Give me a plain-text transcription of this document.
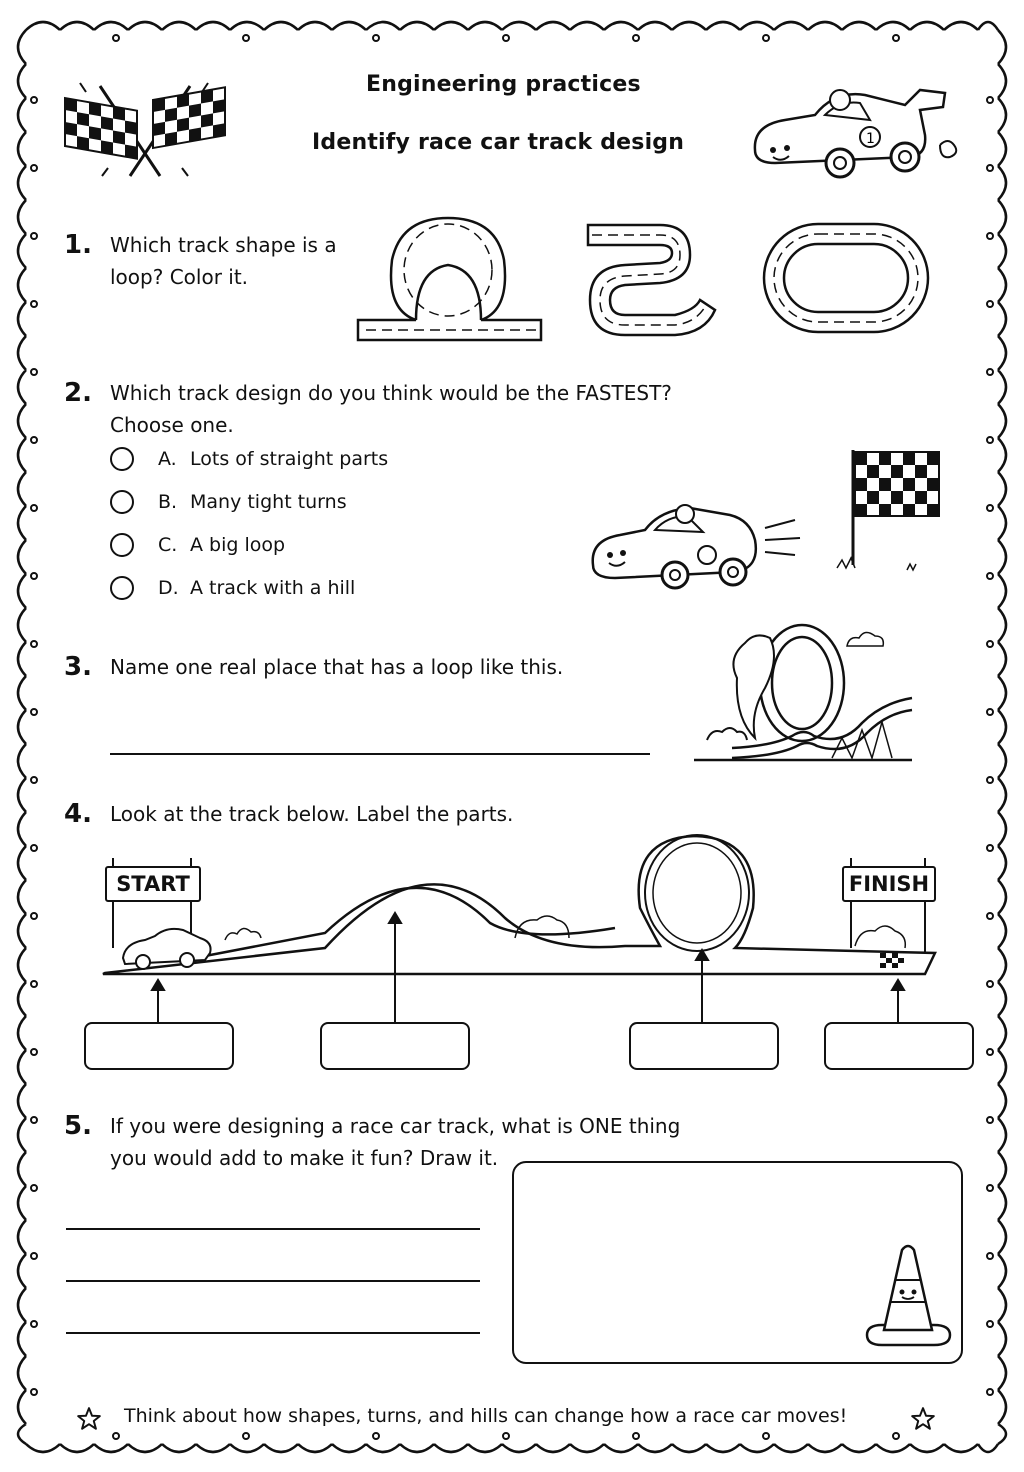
Engineering practices
Identify race car track design	1
1. Which track shape is a
loop? Color it.
2. Which track design do you think would be the FASTEST?
Choose one.
A. Lots of straight parts
B. Many tight turns
C. A big loop
D. A track with a hill
3. Name one real place that has a loop like this.
4. Look at the track below. Label the parts.
START	FINISH
5. If you were designing a race car track, what is ONE thing
you would add to make it fun? Draw it.
Think about how shapes, turns, and hills can change how a race car moves!
